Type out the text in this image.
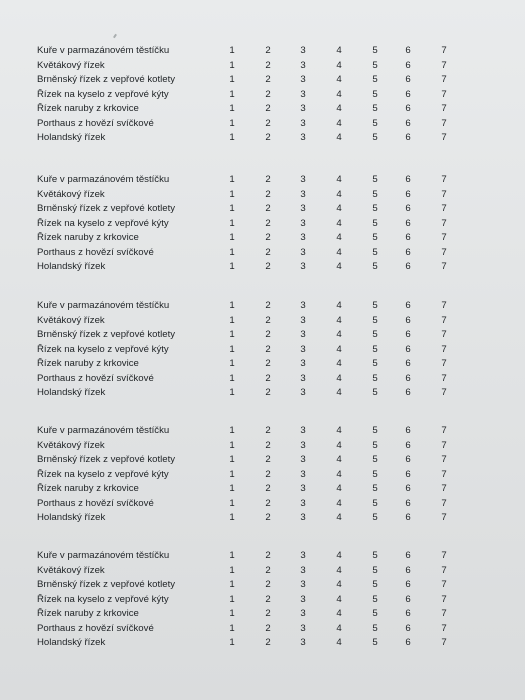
Kuře v parmazánovém těstíčku	1	2	3	4	5	6	7
Květákový řízek	1	2	3	4	5	6	7
Brněnský řízek z vepřové kotlety	1	2	3	4	5	6	7
Řízek na kyselo z vepřové kýty	1	2	3	4	5	6	7
Řízek naruby z krkovice	1	2	3	4	5	6	7
Porthaus z hovězí svíčkové	1	2	3	4	5	6	7
Holandský řízek	1	2	3	4	5	6	7
Kuře v parmazánovém těstíčku	1	2	3	4	5	6	7
Květákový řízek	1	2	3	4	5	6	7
Brněnský řízek z vepřové kotlety	1	2	3	4	5	6	7
Řízek na kyselo z vepřové kýty	1	2	3	4	5	6	7
Řízek naruby z krkovice	1	2	3	4	5	6	7
Porthaus z hovězí svíčkové	1	2	3	4	5	6	7
Holandský řízek	1	2	3	4	5	6	7
Kuře v parmazánovém těstíčku	1	2	3	4	5	6	7
Květákový řízek	1	2	3	4	5	6	7
Brněnský řízek z vepřové kotlety	1	2	3	4	5	6	7
Řízek na kyselo z vepřové kýty	1	2	3	4	5	6	7
Řízek naruby z krkovice	1	2	3	4	5	6	7
Porthaus z hovězí svíčkové	1	2	3	4	5	6	7
Holandský řízek	1	2	3	4	5	6	7
Kuře v parmazánovém těstíčku	1	2	3	4	5	6	7
Květákový řízek	1	2	3	4	5	6	7
Brněnský řízek z vepřové kotlety	1	2	3	4	5	6	7
Řízek na kyselo z vepřové kýty	1	2	3	4	5	6	7
Řízek naruby z krkovice	1	2	3	4	5	6	7
Porthaus z hovězí svíčkové	1	2	3	4	5	6	7
Holandský řízek	1	2	3	4	5	6	7
Kuře v parmazánovém těstíčku	1	2	3	4	5	6	7
Květákový řízek	1	2	3	4	5	6	7
Brněnský řízek z vepřové kotlety	1	2	3	4	5	6	7
Řízek na kyselo z vepřové kýty	1	2	3	4	5	6	7
Řízek naruby z krkovice	1	2	3	4	5	6	7
Porthaus z hovězí svíčkové	1	2	3	4	5	6	7
Holandský řízek	1	2	3	4	5	6	7
